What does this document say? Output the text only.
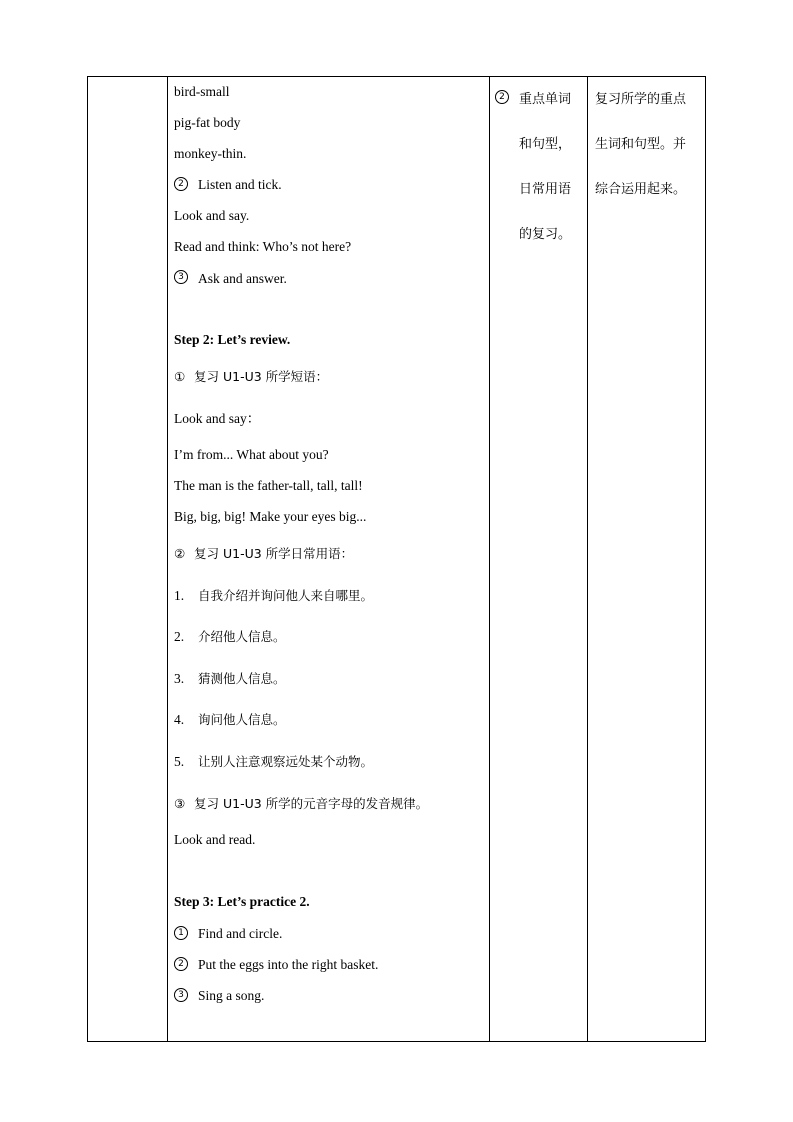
bird-small
pig-fat body
monkey-thin.
2	Listen and tick.
Look and say.
Read and think: Who’s not here?
3	Ask and answer.
Step 2: Let’s review.
① 复习 U1-U3 所学短语：
Look and say：
I’m from... What about you?
The man is the father-tall, tall, tall!
Big, big, big! Make your eyes big...
② 复习 U1-U3 所学日常用语：
1. 自我介绍并询问他人来自哪里。
2. 介绍他人信息。
3. 猜测他人信息。
4. 询问他人信息。
5. 让别人注意观察远处某个动物。
③ 复习 U1-U3 所学的元音字母的发音规律。
Look and read.
Step 3: Let’s practice 2.
1	Find and circle.
2	Put the eggs into the right basket.
3	Sing a song.
2	重点单词
和句型，
日常用语
的复习。
复习所学的重点
生词和句型。并
综合运用起来。
